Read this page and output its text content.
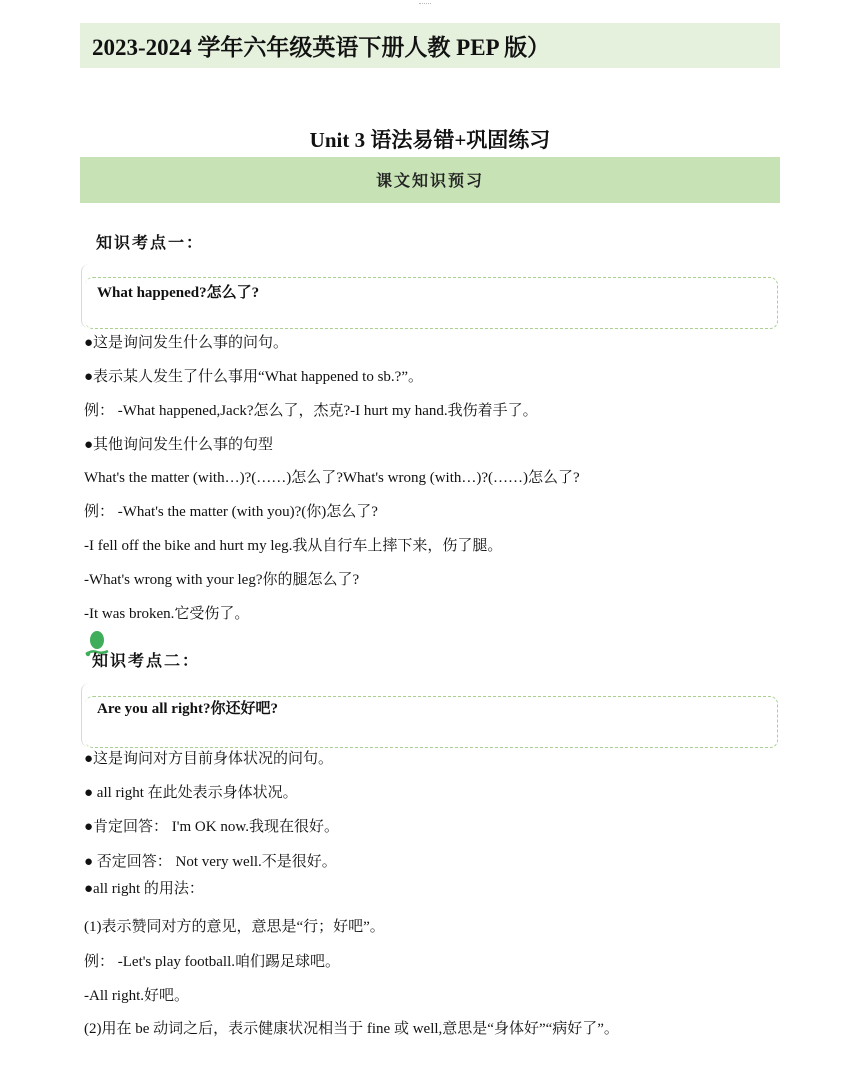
2023-2024 学年六年级英语下册人教 PEP 版）
Unit 3 语法易错+巩固练习
课文知识预习
知识考点一：
What happened?怎么了?
●这是询问发生什么事的问句。
●表示某人发生了什么事用“What happened to sb.?”。
例： -What happened,Jack?怎么了，杰克?-I hurt my hand.我伤着手了。
●其他询问发生什么事的句型
What's the matter (with…)?(……)怎么了?What's wrong (with…)?(……)怎么了?
例： -What's the matter (with you)?(你)怎么了?
-I fell off the bike and hurt my leg.我从自行车上摔下来，伤了腿。
-What's wrong with your leg?你的腿怎么了?
-It was broken.它受伤了。
知识考点二：
Are you all right?你还好吧?
●这是询问对方目前身体状况的问句。
● all right 在此处表示身体状况。
●肯定回答： I'm OK now.我现在很好。
● 否定回答： Not very well.不是很好。
●all right 的用法：
(1)表示赞同对方的意见，意思是“行；好吧”。
例： -Let's play football.咱们踢足球吧。
-All right.好吧。
(2)用在 be 动词之后，表示健康状况相当于 fine 或 well,意思是“身体好”“病好了”。
